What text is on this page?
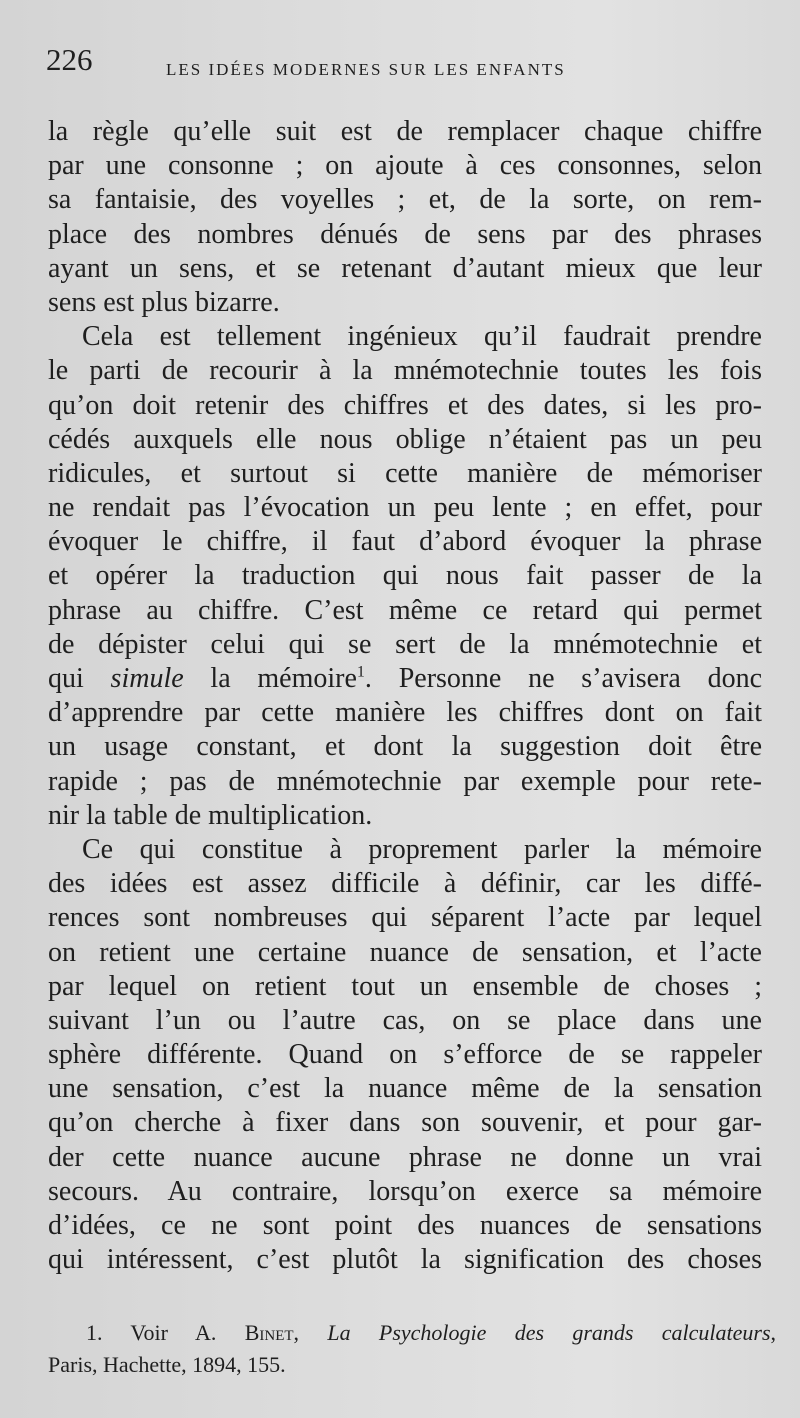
226	LES IDÉES MODERNES SUR LES ENFANTS
la règle qu’elle suit est de remplacer chaque chiffre
par une consonne ; on ajoute à ces consonnes, selon
sa fantaisie, des voyelles ; et, de la sorte, on rem-
place des nombres dénués de sens par des phrases
ayant un sens, et se retenant d’autant mieux que leur
sens est plus bizarre.
Cela est tellement ingénieux qu’il faudrait prendre
le parti de recourir à la mnémotechnie toutes les fois
qu’on doit retenir des chiffres et des dates, si les pro-
cédés auxquels elle nous oblige n’étaient pas un peu
ridicules, et surtout si cette manière de mémoriser
ne rendait pas l’évocation un peu lente ; en effet, pour
évoquer le chiffre, il faut d’abord évoquer la phrase
et opérer la traduction qui nous fait passer de la
phrase au chiffre. C’est même ce retard qui permet
de dépister celui qui se sert de la mnémotechnie et
qui simule la mémoire$^1$. Personne ne s’avisera donc
d’apprendre par cette manière les chiffres dont on fait
un usage constant, et dont la suggestion doit être
rapide ; pas de mnémotechnie par exemple pour rete-
nir la table de multiplication.
Ce qui constitue à proprement parler la mémoire
des idées est assez difficile à définir, car les diffé-
rences sont nombreuses qui séparent l’acte par lequel
on retient une certaine nuance de sensation, et l’acte
par lequel on retient tout un ensemble de choses ;
suivant l’un ou l’autre cas, on se place dans une
sphère différente. Quand on s’efforce de se rappeler
une sensation, c’est la nuance même de la sensation
qu’on cherche à fixer dans son souvenir, et pour gar-
der cette nuance aucune phrase ne donne un vrai
secours. Au contraire, lorsqu’on exerce sa mémoire
d’idées, ce ne sont point des nuances de sensations
qui intéressent, c’est plutôt la signification des choses
1. Voir A. Binet, La Psychologie des grands calculateurs,
Paris, Hachette, 1894, 155.
